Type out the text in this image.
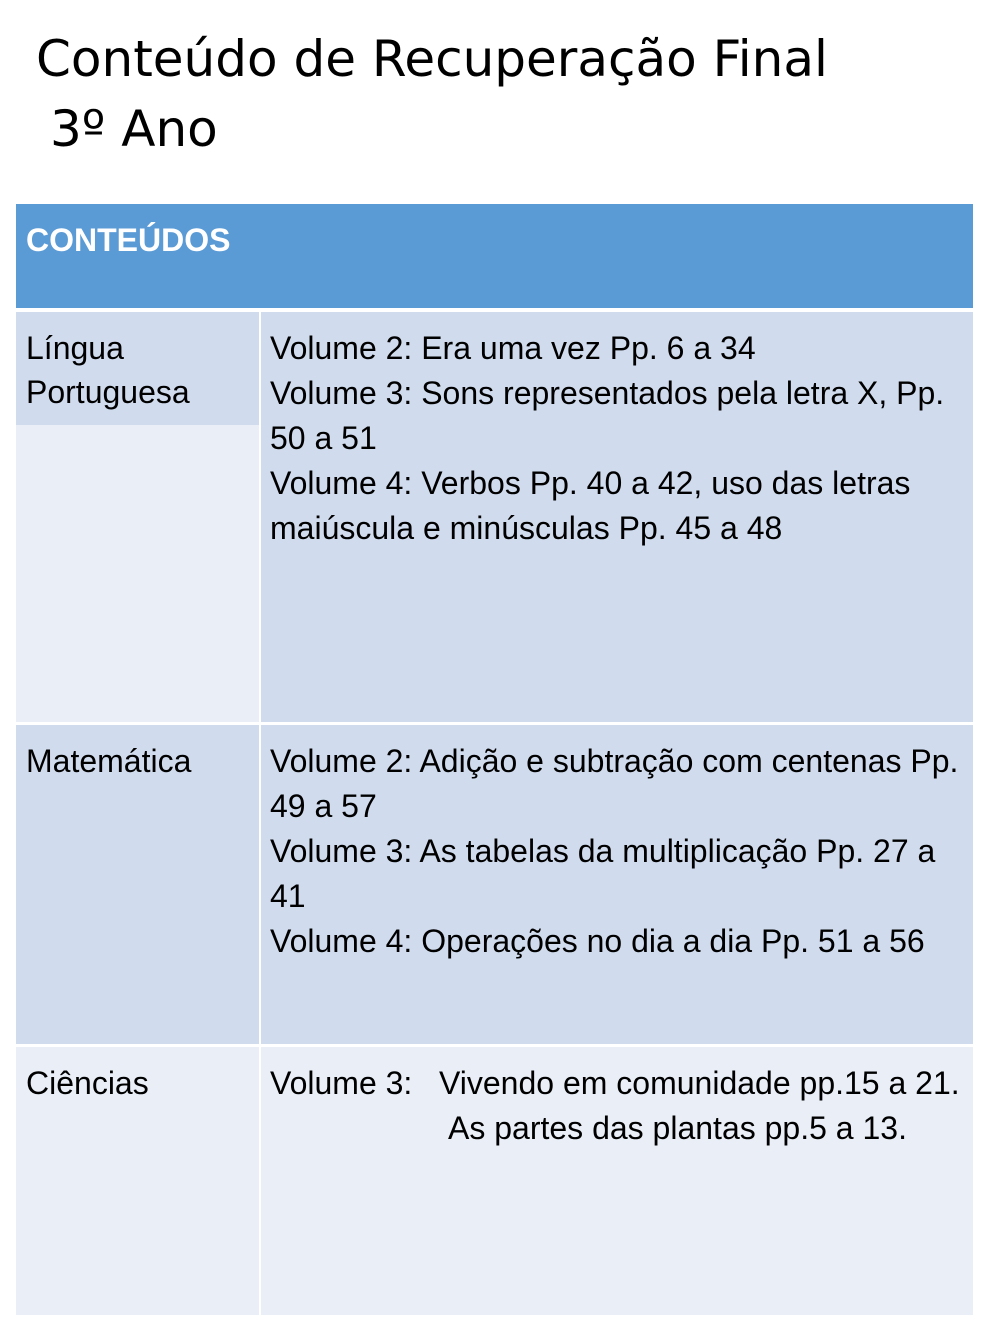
Conteúdo de Recuperação Final
3º Ano
CONTEÚDOS
Língua
Portuguesa

Volume 2: Era uma vez Pp. 6 a 34

Volume 3: Sons representados pela letra X, Pp. 50 a 51

Volume 4: Verbos Pp. 40 a 42, uso das letras maiúscula e minúsculas Pp. 45 a 48

Matemática Volume 2: Adição e subtração com centenas Pp. 49 a 57

Volume 3: As tabelas da multiplicação Pp. 27 a 41

Volume 4: Operações no dia a dia Pp. 51 a 56

Ciências	Volume 3:   Vivendo em comunidade pp.15 a 21.

As partes das plantas pp.5 a 13.
